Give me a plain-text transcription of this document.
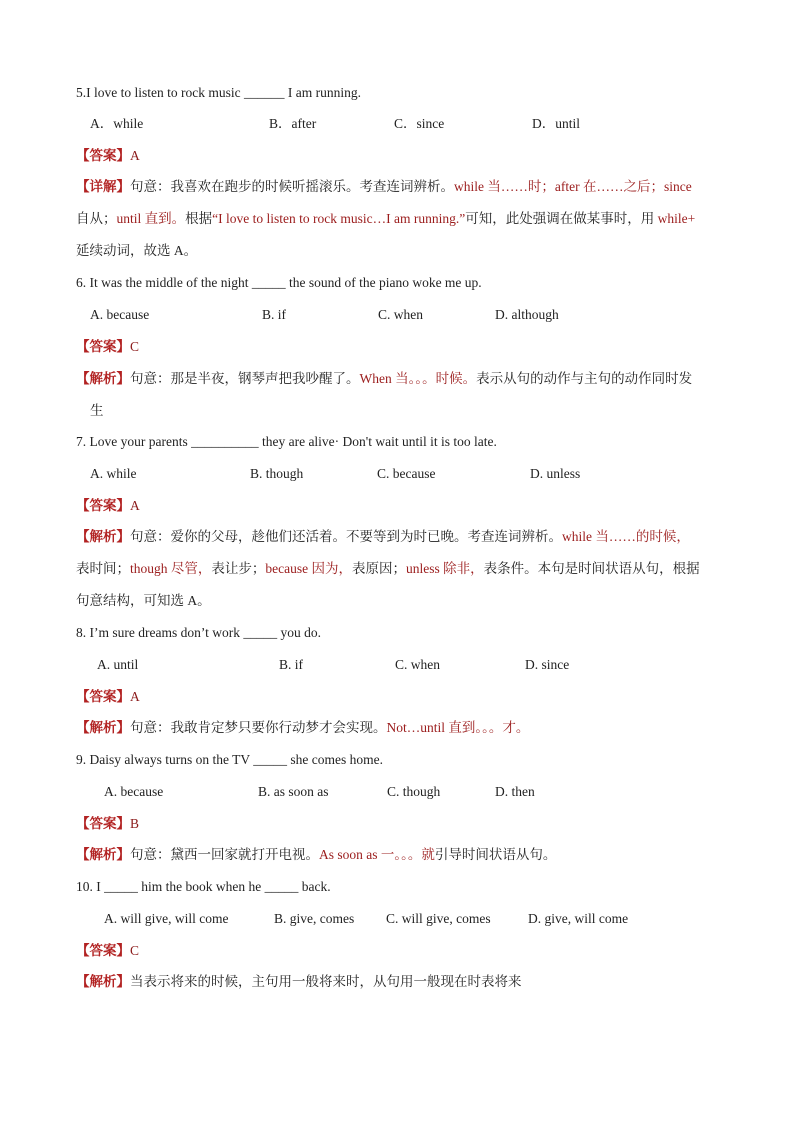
5.I love to listen to rock music ______ I am running.
A．while	B．after	C．since	D．until
【答案】A
【详解】句意：我喜欢在跑步的时候听摇滚乐。考查连词辨析。while 当……时；after 在……之后；since
自从；until 直到。根据“I love to listen to rock music…I am running.”可知，此处强调在做某事时，用 while+
延续动词，故选 A。
6. It was the middle of the night _____ the sound of the piano woke me up.
A. because	B. if	C. when	D. although
【答案】C
【解析】句意：那是半夜，钢琴声把我吵醒了。When 当。。。时候。表示从句的动作与主句的动作同时发
生
7. Love your parents __________ they are alive· Don't wait until it is too late.
A. while	B. though	C. because	D. unless
【答案】A
【解析】句意：爱你的父母，趁他们还活着。不要等到为时已晚。考查连词辨析。while 当……的时候，
表时间；though 尽管，表让步；because 因为，表原因；unless 除非，表条件。本句是时间状语从句，根据
句意结构，可知选 A。
8. I’m sure dreams don’t work _____ you do.
A. until	B. if	C. when	D. since
【答案】A
【解析】句意：我敢肯定梦只要你行动梦才会实现。Not…until 直到。。。才。
9. Daisy always turns on the TV _____ she comes home.
A. because	B. as soon as	C. though	D. then
【答案】B
【解析】句意：黛西一回家就打开电视。As soon as 一。。。就引导时间状语从句。
10. I _____ him the book when he _____ back.
A. will give, will come	B. give, comes C. will give, comes	D. give, will come
【答案】C
【解析】当表示将来的时候，主句用一般将来时，从句用一般现在时表将来
